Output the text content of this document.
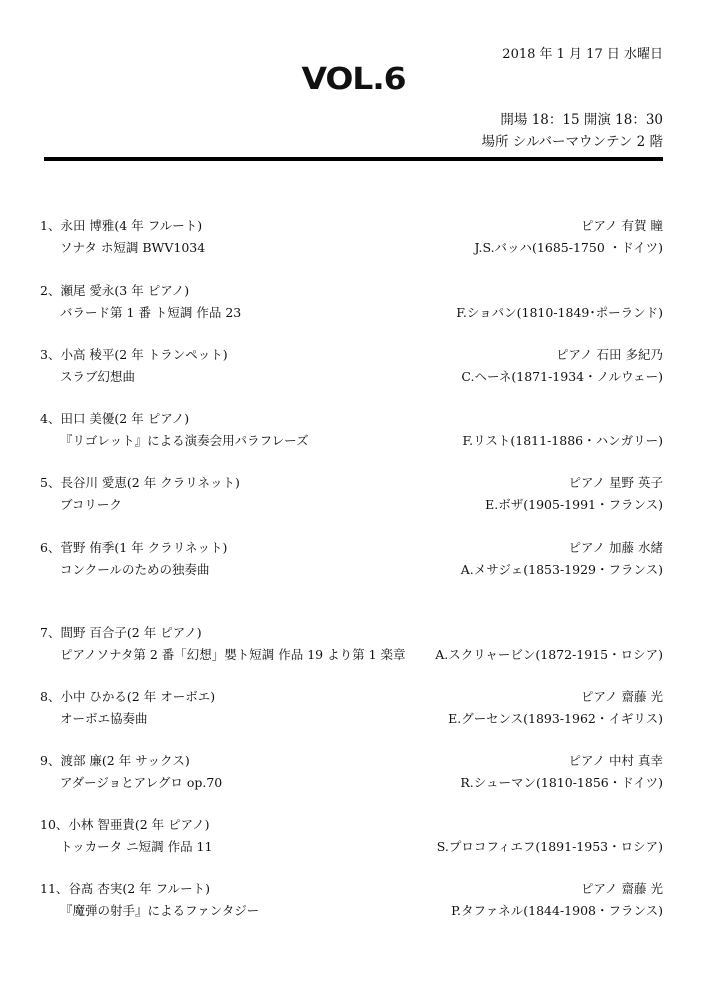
2018 年 1 月 17 日 水曜日
VOL.6
開場 18：15 開演 18：30
場所 シルバーマウンテン 2 階
1、永田 博雅(4 年 フルート)	ピアノ 有賀 瞳
ソナタ ホ短調 BWV1034	J.S.バッハ(1685-1750 ・ドイツ)
2、瀬尾 愛永(3 年 ピアノ)
バラード第 1 番 ト短調 作品 23	F.ショパン(1810-1849･ポーランド)
3、小高 稜平(2 年 トランペット)	ピアノ 石田 多紀乃
スラブ幻想曲	C.ヘーネ(1871-1934・ノルウェー)
4、田口 美優(2 年 ピアノ)
『リゴレット』による演奏会用パラフレーズ	F.リスト(1811-1886・ハンガリー)
5、長谷川 愛恵(2 年 クラリネット)	ピアノ 星野 英子
ブコリーク	E.ボザ(1905-1991・フランス)
6、菅野 侑季(1 年 クラリネット)	ピアノ 加藤 水緒
コンクールのための独奏曲	A.メサジェ(1853-1929・フランス)
7、間野 百合子(2 年 ピアノ)
ピアノソナタ第 2 番「幻想」嬰ト短調 作品 19 より第 1 楽章 A.スクリャービン(1872-1915・ロシア)
8、小中 ひかる(2 年 オーボエ)	ピアノ 齋藤 光
オーボエ協奏曲	E.グーセンス(1893-1962・イギリス)
9、渡部 廉(2 年 サックス)	ピアノ 中村 真幸
アダージョとアレグロ op.70	R.シューマン(1810-1856・ドイツ)
10、小林 智亜貴(2 年 ピアノ)
トッカータ ニ短調 作品 11	S.プロコフィエフ(1891-1953・ロシア)
11、谷髙 杏実(2 年 フルート)	ピアノ 齋藤 光
『魔弾の射手』によるファンタジー	P.タファネル(1844-1908・フランス)
